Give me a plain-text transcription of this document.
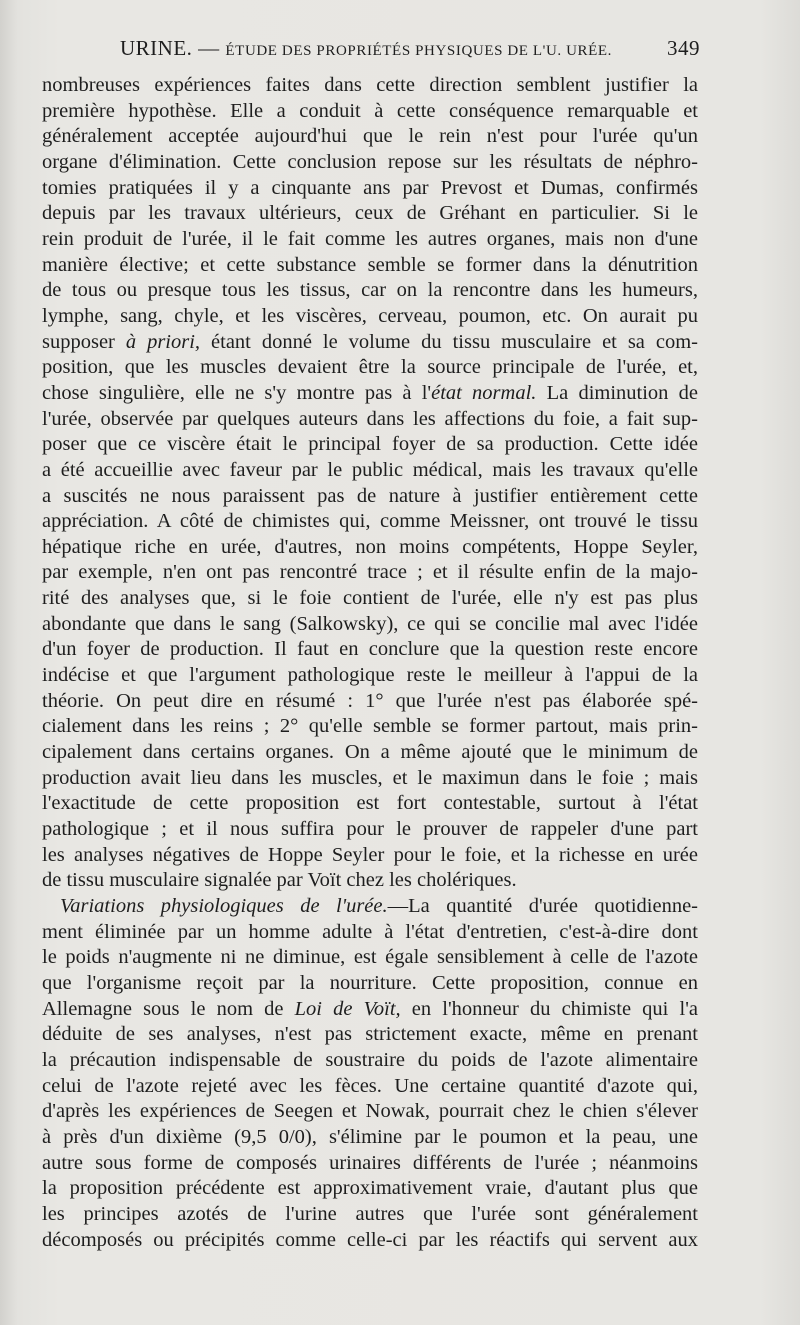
URINE. — ÉTUDE DES PROPRIÉTÉS PHYSIQUES DE L'U. URÉE.	349
nombreuses expériences faites dans cette direction semblent justifier la
première hypothèse. Elle a conduit à cette conséquence remarquable et
généralement acceptée aujourd'hui que le rein n'est pour l'urée qu'un
organe d'élimination. Cette conclusion repose sur les résultats de néphro-
tomies pratiquées il y a cinquante ans par Prevost et Dumas, confirmés
depuis par les travaux ultérieurs, ceux de Gréhant en particulier. Si le
rein produit de l'urée, il le fait comme les autres organes, mais non d'une
manière élective; et cette substance semble se former dans la dénutrition
de tous ou presque tous les tissus, car on la rencontre dans les humeurs,
lymphe, sang, chyle, et les viscères, cerveau, poumon, etc. On aurait pu
supposer à priori, étant donné le volume du tissu musculaire et sa com-
position, que les muscles devaient être la source principale de l'urée, et,
chose singulière, elle ne s'y montre pas à l'état normal. La diminution de
l'urée, observée par quelques auteurs dans les affections du foie, a fait sup-
poser que ce viscère était le principal foyer de sa production. Cette idée
a été accueillie avec faveur par le public médical, mais les travaux qu'elle
a suscités ne nous paraissent pas de nature à justifier entièrement cette
appréciation. A côté de chimistes qui, comme Meissner, ont trouvé le tissu
hépatique riche en urée, d'autres, non moins compétents, Hoppe Seyler,
par exemple, n'en ont pas rencontré trace ; et il résulte enfin de la majo-
rité des analyses que, si le foie contient de l'urée, elle n'y est pas plus
abondante que dans le sang (Salkowsky), ce qui se concilie mal avec l'idée
d'un foyer de production. Il faut en conclure que la question reste encore
indécise et que l'argument pathologique reste le meilleur à l'appui de la
théorie. On peut dire en résumé : 1° que l'urée n'est pas élaborée spé-
cialement dans les reins ; 2° qu'elle semble se former partout, mais prin-
cipalement dans certains organes. On a même ajouté que le minimum de
production avait lieu dans les muscles, et le maximun dans le foie ; mais
l'exactitude de cette proposition est fort contestable, surtout à l'état
pathologique ; et il nous suffira pour le prouver de rappeler d'une part
les analyses négatives de Hoppe Seyler pour le foie, et la richesse en urée
de tissu musculaire signalée par Voït chez les cholériques.
Variations physiologiques de l'urée.—La quantité d'urée quotidienne-
ment éliminée par un homme adulte à l'état d'entretien, c'est-à-dire dont
le poids n'augmente ni ne diminue, est égale sensiblement à celle de l'azote
que l'organisme reçoit par la nourriture. Cette proposition, connue en
Allemagne sous le nom de Loi de Voït, en l'honneur du chimiste qui l'a
déduite de ses analyses, n'est pas strictement exacte, même en prenant
la précaution indispensable de soustraire du poids de l'azote alimentaire
celui de l'azote rejeté avec les fèces. Une certaine quantité d'azote qui,
d'après les expériences de Seegen et Nowak, pourrait chez le chien s'élever
à près d'un dixième (9,5 0/0), s'élimine par le poumon et la peau, une
autre sous forme de composés urinaires différents de l'urée ; néanmoins
la proposition précédente est approximativement vraie, d'autant plus que
les principes azotés de l'urine autres que l'urée sont généralement
décomposés ou précipités comme celle-ci par les réactifs qui servent aux
